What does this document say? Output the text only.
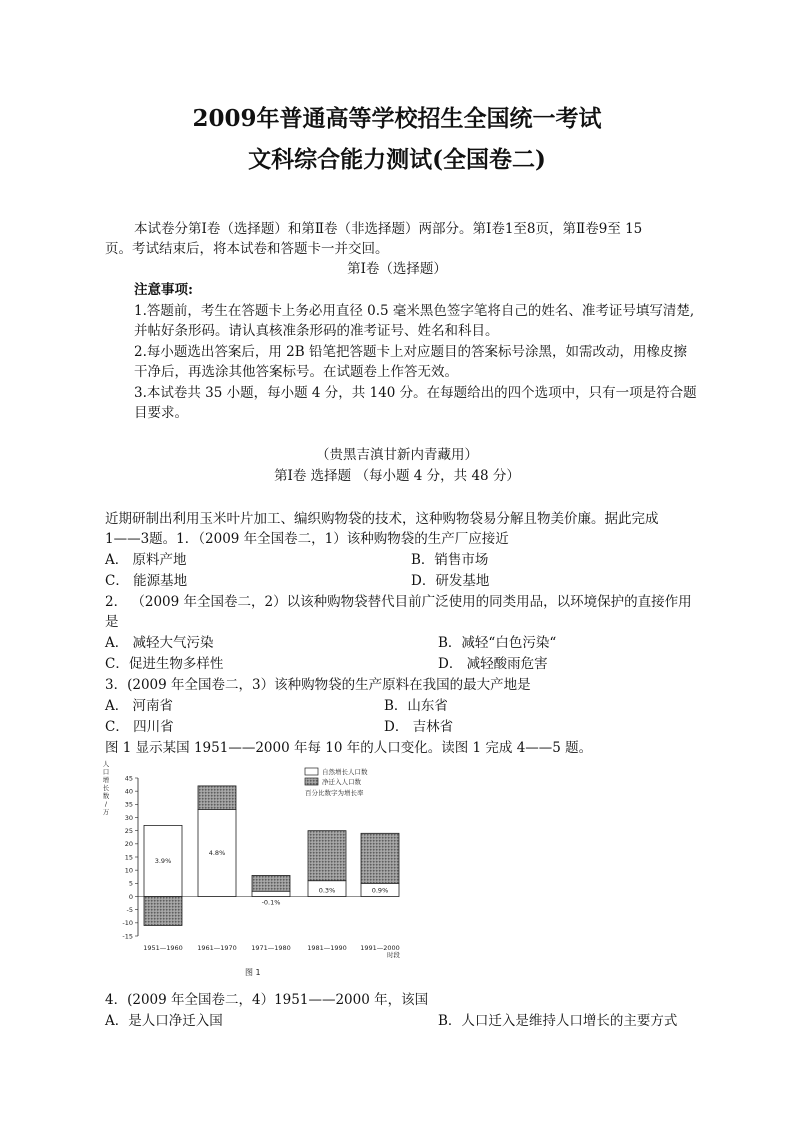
2009年普通高等学校招生全国统一考试
文科综合能力测试(全国卷二)
本试卷分第Ⅰ卷（选择题）和第Ⅱ卷（非选择题）两部分。第Ⅰ卷1至8页，第Ⅱ卷9至 15
页。考试结束后，将本试卷和答题卡一并交回。
第Ⅰ卷（选择题）
注意事项:
1.答题前，考生在答题卡上务必用直径 0.5 毫米黑色签字笔将自己的姓名、准考证号填写清楚,
并帖好条形码。请认真核准条形码的准考证号、姓名和科目。
2.每小题选出答案后，用 2B 铅笔把答题卡上对应题目的答案标号涂黑，如需改动，用橡皮擦
干净后，再选涂其他答案标号。在试题卷上作答无效。
3.本试卷共 35 小题，每小题 4 分，共 140 分。在每题给出的四个选项中，只有一项是符合题
目要求。
（贵黑吉滇甘新内青藏用）
第Ⅰ卷 选择题 （每小题 4 分，共 48 分）
近期研制出利用玉米叶片加工、编织购物袋的技术，这种购物袋易分解且物美价廉。据此完成
1——3题。1．（2009 年全国卷二，1）该种购物袋的生产厂应接近
A． 原料产地	B．销售市场
C． 能源基地	D．研发基地
2． （2009 年全国卷二，2）以该种购物袋替代目前广泛使用的同类用品，以环境保护的直接作用
是
A． 减轻大气污染	B．减轻“白色污染“
C．促进生物多样性	D． 减轻酸雨危害
3．(2009 年全国卷二，3）该种购物袋的生产原料在我国的最大产地是
A． 河南省	B．山东省
C． 四川省	D． 吉林省
图 1 显示某国 1951——2000 年每 10 年的人口变化。读图 1 完成 4——5 题。
人
口
增
长
数
/
万
-15
-10
-5
0
5
10
15
20
25
30
35
40
45
3.9%
1951—1960
4.8%
1961—1970
-0.1%
1971—1980
0.3%
1981—1990
0.9%
1991—2000
自然增长人口数
净迁入人口数
百分比数字为增长率
时段
图 1
4．(2009 年全国卷二，4）1951——2000 年，该国
A．是人口净迁入国	B．人口迁入是维持人口增长的主要方式
